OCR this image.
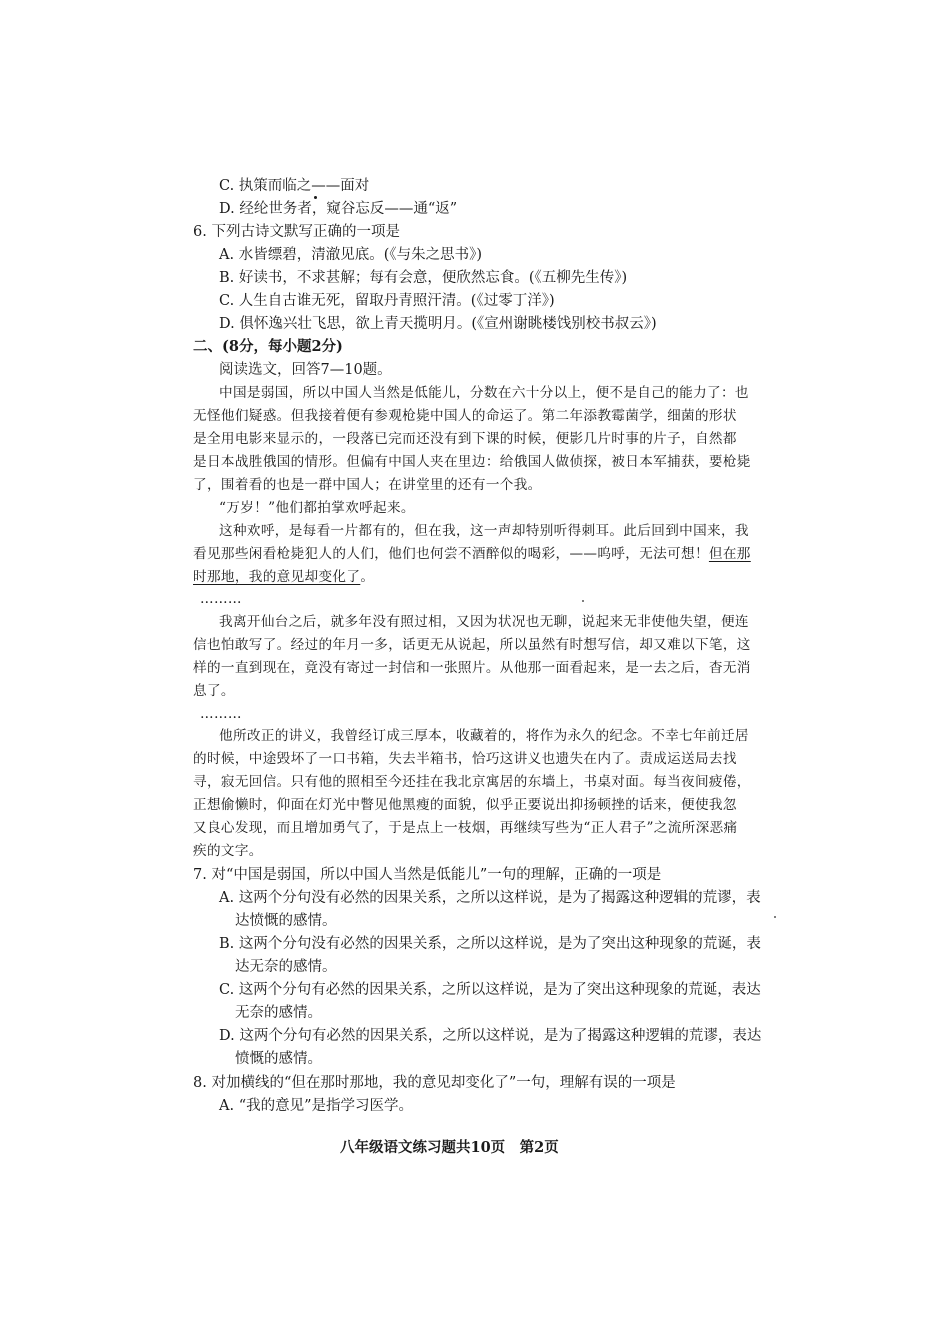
C. 执策而临之——面对
D. 经纶世务者，窥谷忘反——通“返”
6. 下列古诗文默写正确的一项是
A. 水皆缥碧，清澈见底。(《与朱之思书》)
B. 好读书，不求甚解；每有会意，便欣然忘食。(《五柳先生传》)
C. 人生自古谁无死，留取丹青照汗清。(《过零丁洋》)
D. 俱怀逸兴壮飞思，欲上青天揽明月。(《宣州谢眺楼饯别校书叔云》)
二、(8分，每小题2分)
阅读选文，回答7—10题。
中国是弱国，所以中国人当然是低能儿，分数在六十分以上，便不是自己的能力了：也
无怪他们疑惑。但我接着便有参观枪毙中国人的命运了。第二年添教霉菌学，细菌的形状
是全用电影来显示的，一段落已完而还没有到下课的时候，便影几片时事的片子，自然都
是日本战胜俄国的情形。但偏有中国人夹在里边：给俄国人做侦探，被日本军捕获，要枪毙
了，围着看的也是一群中国人；在讲堂里的还有一个我。
“万岁！”他们都拍掌欢呼起来。
这种欢呼，是每看一片都有的，但在我，这一声却特别听得刺耳。此后回到中国来，我
看见那些闲看枪毙犯人的人们，他们也何尝不酒醉似的喝彩，——呜呼，无法可想！但在那
时那地，我的意见却变化了。
………
我离开仙台之后，就多年没有照过相，又因为状况也无聊，说起来无非使他失望，便连
信也怕敢写了。经过的年月一多，话更无从说起，所以虽然有时想写信，却又难以下笔，这
样的一直到现在，竟没有寄过一封信和一张照片。从他那一面看起来，是一去之后，杳无消
息了。
………
他所改正的讲义，我曾经订成三厚本，收藏着的，将作为永久的纪念。不幸七年前迁居
的时候，中途毁坏了一口书箱，失去半箱书，恰巧这讲义也遗失在内了。责成运送局去找
寻，寂无回信。只有他的照相至今还挂在我北京寓居的东墙上，书桌对面。每当夜间疲倦，
正想偷懒时，仰面在灯光中瞥见他黑瘦的面貌，似乎正要说出抑扬顿挫的话来，便使我忽
又良心发现，而且增加勇气了，于是点上一枝烟，再继续写些为“正人君子”之流所深恶痛
疾的文字。
7. 对“中国是弱国，所以中国人当然是低能儿”一句的理解，正确的一项是
A. 这两个分句没有必然的因果关系，之所以这样说，是为了揭露这种逻辑的荒谬，表
达愤慨的感情。
B. 这两个分句没有必然的因果关系，之所以这样说，是为了突出这种现象的荒诞，表
达无奈的感情。
C. 这两个分句有必然的因果关系，之所以这样说，是为了突出这种现象的荒诞，表达
无奈的感情。
D. 这两个分句有必然的因果关系，之所以这样说，是为了揭露这种逻辑的荒谬，表达
愤慨的感情。
8. 对加横线的“但在那时那地，我的意见却变化了”一句，理解有误的一项是
A. “我的意见”是指学习医学。
八年级语文练习题共10页　第2页
